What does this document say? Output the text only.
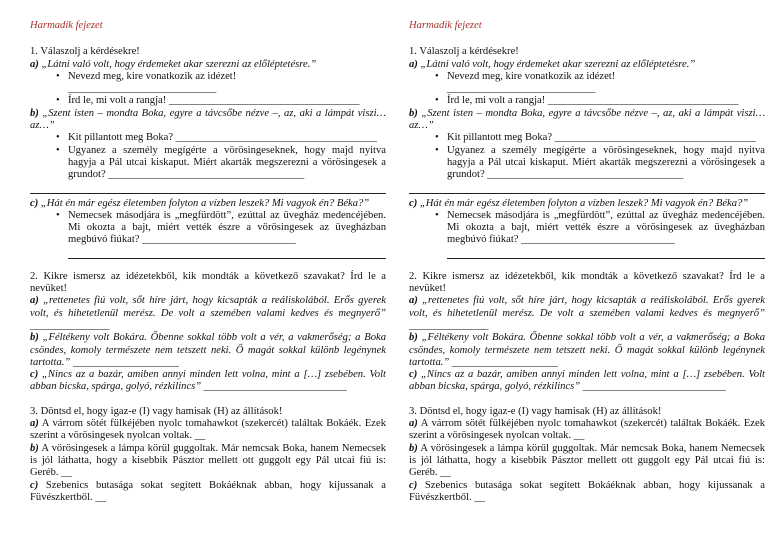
Harmadik fejezet

1. Válaszolj a kérdésekre!

a) „Látni való volt, hogy érdemeket akar szerezni az előléptetésre.”

• Nevezd meg, kire vonatkozik az idézet! ____________________________
• Írd le, mi volt a rangja! ____________________________________

b) „Szent isten – mondta Boka, egyre a távcsőbe nézve –, az, aki a lámpát viszi… az…”

• Kit pillantott meg Boka? ______________________________________
• Ugyanez a személy megígérte a vörösingeseknek, hogy majd nyitva hagyja a Pál utcai kiskaput. Miért akarták megszerezni a vörösingesek a grundot? _____________________________________

c) „Hát én már egész életemben folyton a vízben leszek? Mi vagyok én? Béka?”

• Nemecsek másodjára is „megfürdött”, ezúttal az üvegház medencéjében. Mi okozta a bajt, miért vették észre a vörösingesek az üvegházban megbúvó fiúkat? _____________________________

2. Kikre ismersz az idézetekből, kik mondták a következő szavakat? Írd le a nevüket!

a) „rettenetes fiú volt, sőt híre járt, hogy kicsapták a reáliskolából. Erős gyerek volt, és hihetetlenül merész. De volt a szemében valami kedves és megnyerő” _______________

b) „Féltékeny volt Bokára. Őbenne sokkal több volt a vér, a vakmerőség; a Boka csöndes, komoly természete nem tetszett neki. Ő magát sokkal különb legénynek tartotta.” ____________________

c) „Nincs az a bazár, amiben annyi minden lett volna, mint a […] zsebében. Volt abban bicska, spárga, golyó, rézkilincs” ___________________________

3. Döntsd el, hogy igaz-e (I) vagy hamisak (H) az állítások!

a) A várrom sötét fülkéjében nyolc tomahawkot (szekercét) találtak Bokáék. Ezek szerint a vörösingesek nyolcan voltak. __

b) A vörösingesek a lámpa körül guggoltak. Már nemcsak Boka, hanem Nemecsek is jól láthatta, hogy a kisebbik Pásztor mellett ott guggolt egy Pál utcai fiú is: Geréb. __

c) Szebenics butasága sokat segített Bokáéknak abban, hogy kijussanak a Füvészkertből. __

Harmadik fejezet

1. Válaszolj a kérdésekre!

a) „Látni való volt, hogy érdemeket akar szerezni az előléptetésre.”

• Nevezd meg, kire vonatkozik az idézet! ____________________________
• Írd le, mi volt a rangja! ____________________________________

b) „Szent isten – mondta Boka, egyre a távcsőbe nézve –, az, aki a lámpát viszi… az…”

• Kit pillantott meg Boka? ______________________________________
• Ugyanez a személy megígérte a vörösingeseknek, hogy majd nyitva hagyja a Pál utcai kiskaput. Miért akarták megszerezni a vörösingesek a grundot? _____________________________________

c) „Hát én már egész életemben folyton a vízben leszek? Mi vagyok én? Béka?”

• Nemecsek másodjára is „megfürdött”, ezúttal az üvegház medencéjében. Mi okozta a bajt, miért vették észre a vörösingesek az üvegházban megbúvó fiúkat? _____________________________

2. Kikre ismersz az idézetekből, kik mondták a következő szavakat? Írd le a nevüket!

a) „rettenetes fiú volt, sőt híre járt, hogy kicsapták a reáliskolából. Erős gyerek volt, és hihetetlenül merész. De volt a szemében valami kedves és megnyerő” _______________

b) „Féltékeny volt Bokára. Őbenne sokkal több volt a vér, a vakmerőség; a Boka csöndes, komoly természete nem tetszett neki. Ő magát sokkal különb legénynek tartotta.” ____________________

c) „Nincs az a bazár, amiben annyi minden lett volna, mint a […] zsebében. Volt abban bicska, spárga, golyó, rézkilincs” ___________________________

3. Döntsd el, hogy igaz-e (I) vagy hamisak (H) az állítások!

a) A várrom sötét fülkéjében nyolc tomahawkot (szekercét) találtak Bokáék. Ezek szerint a vörösingesek nyolcan voltak. __

b) A vörösingesek a lámpa körül guggoltak. Már nemcsak Boka, hanem Nemecsek is jól láthatta, hogy a kisebbik Pásztor mellett ott guggolt egy Pál utcai fiú is: Geréb. __

c) Szebenics butasága sokat segített Bokáéknak abban, hogy kijussanak a Füvészkertből. __
